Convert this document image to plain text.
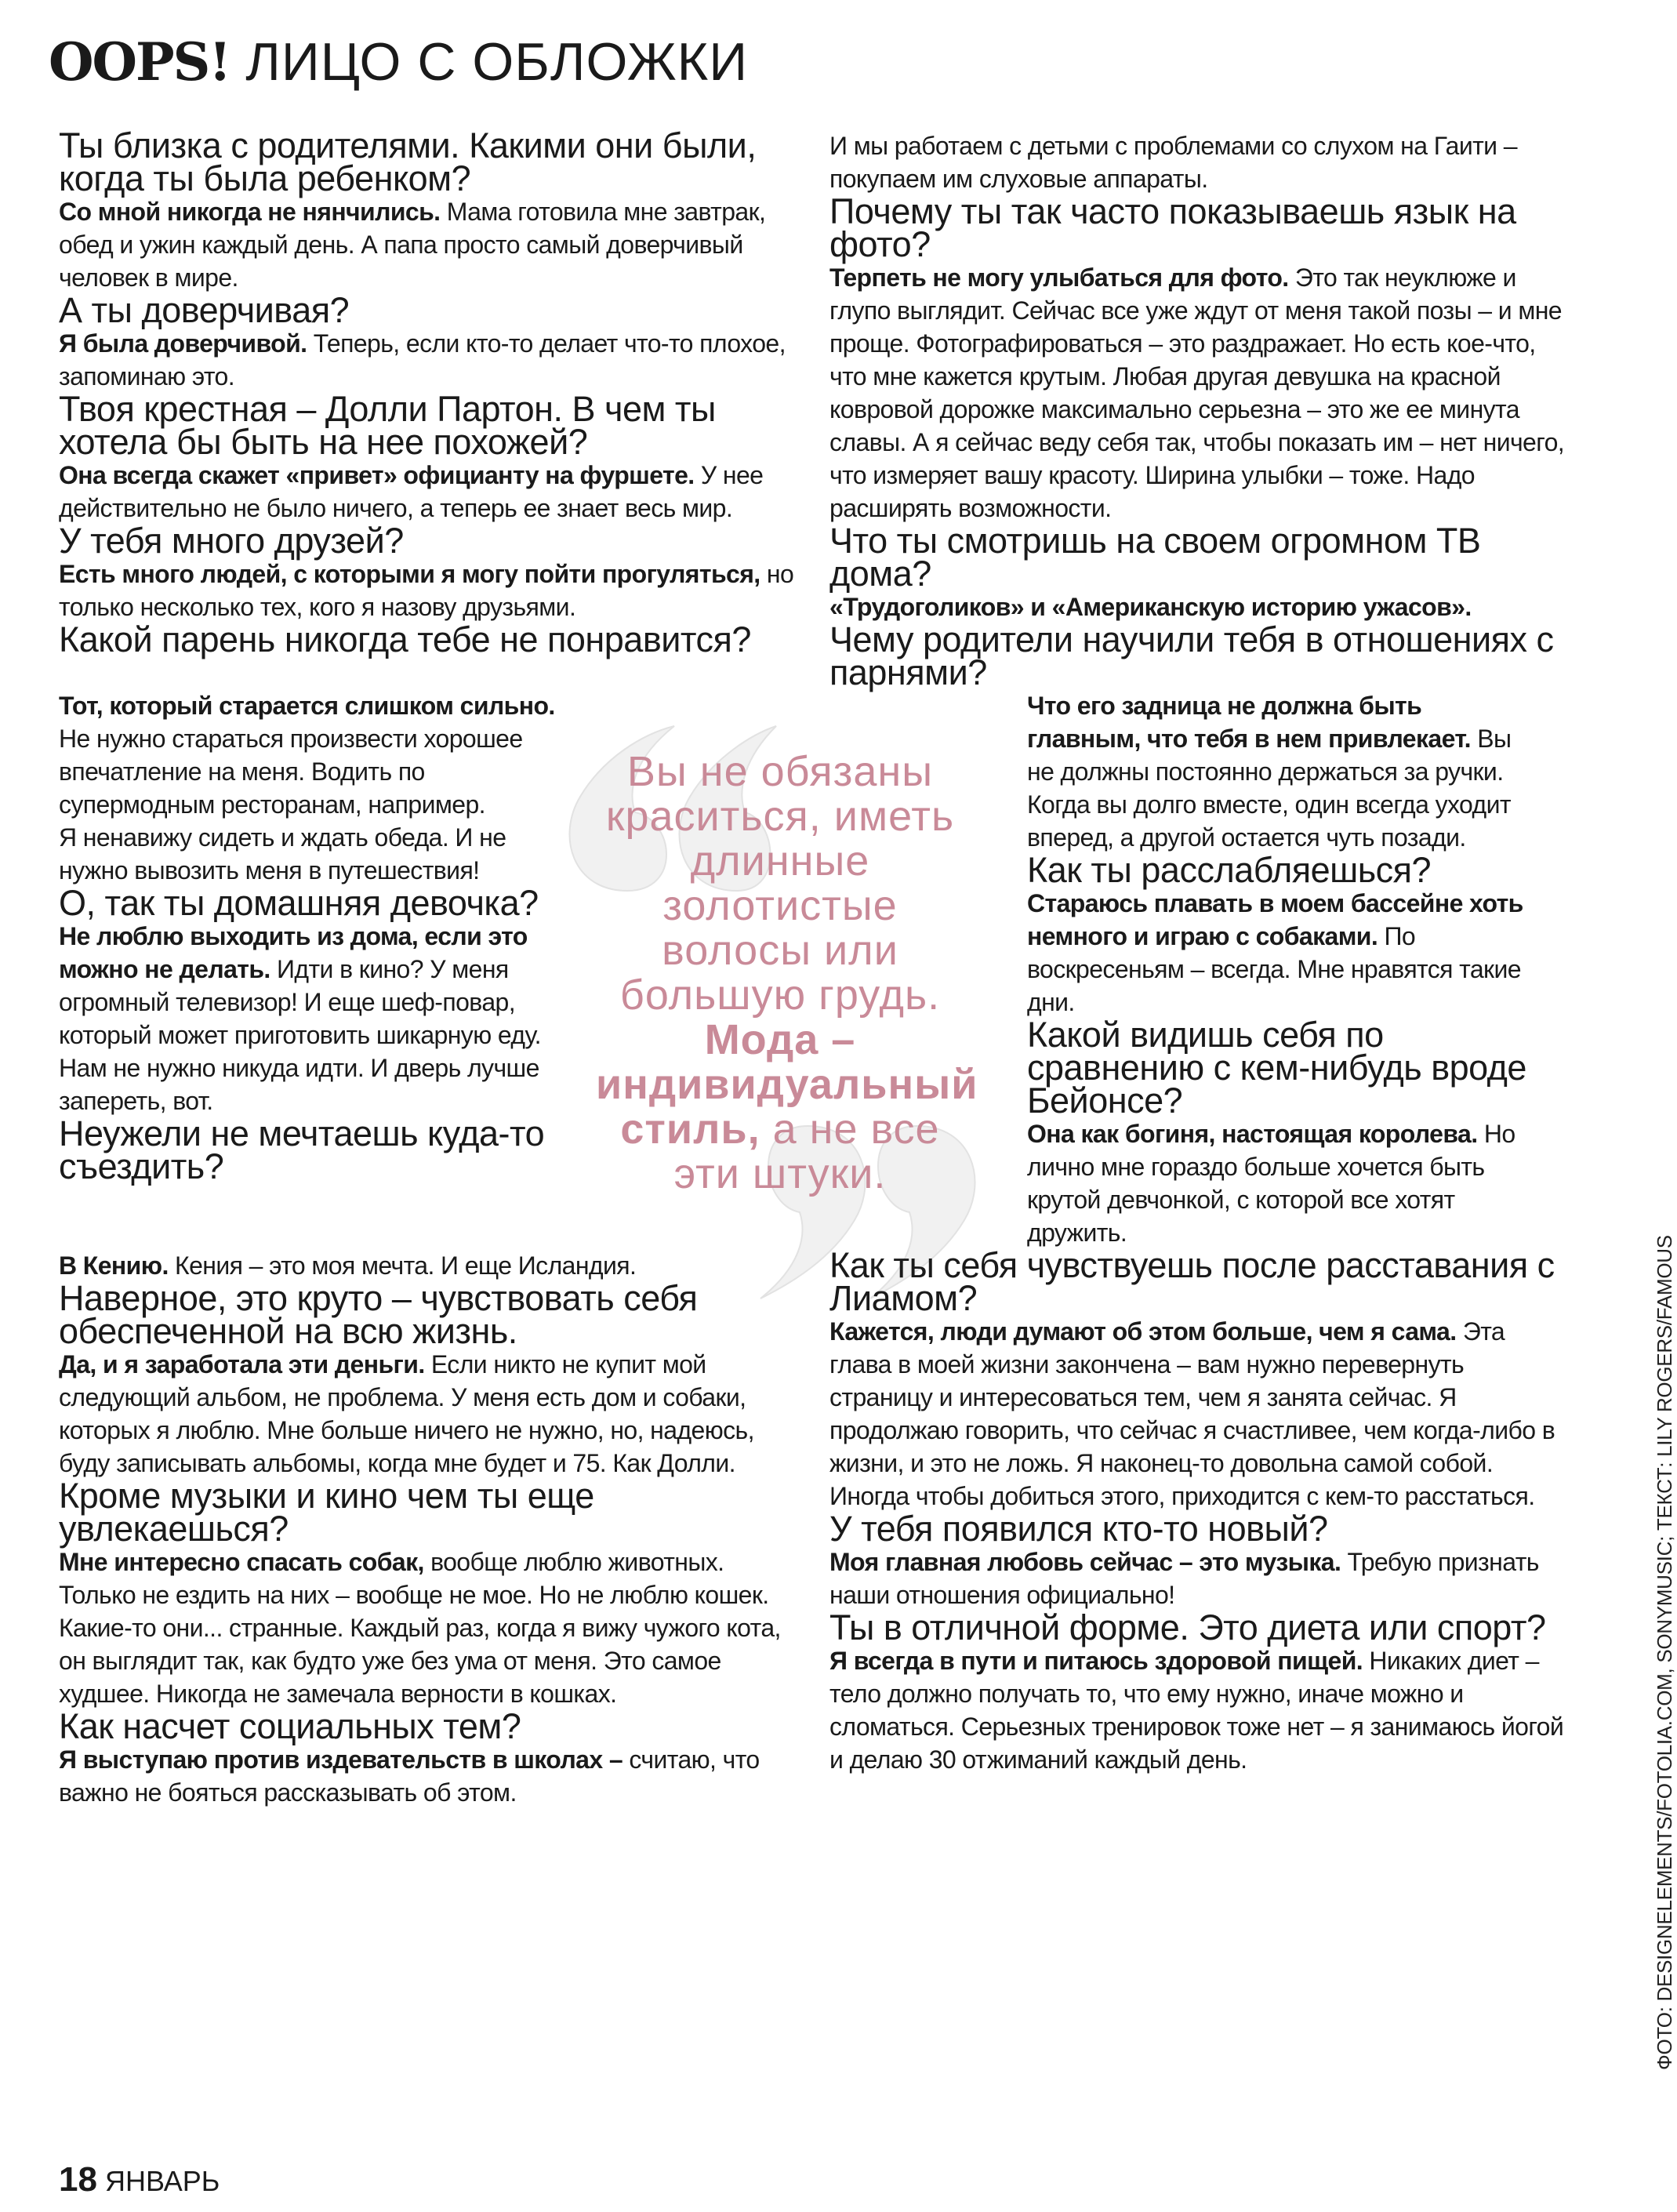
OOPS! ЛИЦО С ОБЛОЖКИ
Ты близка с родителями. Какими они были, когда ты была ребенком?

Со мной никогда не нянчились. Мама готовила мне завтрак, обед и ужин каждый день. А папа просто самый доверчивый человек в мире.

А ты доверчивая?

Я была доверчивой. Теперь, если кто-то делает что-то плохое, запоминаю это.

Твоя крестная – Долли Партон. В чем ты хотела бы быть на нее похожей?

Она всегда скажет «привет» официанту на фуршете. У нее действительно не было ничего, а теперь ее знает весь мир.

У тебя много друзей?

Есть много людей, с которыми я могу пойти прогуляться, но только несколько тех, кого я назову друзьями.

Какой парень никогда тебе не понравится?

И мы работаем с детьми с проблемами со слухом на Гаити – покупаем им слуховые аппараты.

Почему ты так часто показываешь язык на фото?

Терпеть не могу улыбаться для фото. Это так неуклюже и глупо выглядит. Сейчас все уже ждут от меня такой позы – и мне проще. Фотографироваться – это раздражает. Но есть кое-что, что мне кажется крутым. Любая другая девушка на красной ковровой дорожке максимально серьезна – это же ее минута славы. А я сейчас веду себя так, чтобы показать им – нет ничего, что измеряет вашу красоту. Ширина улыбки – тоже. Надо расширять возможности.

Что ты смотришь на своем огромном ТВ дома?

«Трудоголиков» и «Американскую историю ужасов».

Чему родители научили тебя в отношениях с парнями?

Тот, который старается слишком сильно. Не нужно стараться произвести хорошее впечатление на меня. Водить по супермодным ресторанам, например.
Я ненавижу сидеть и ждать обеда. И не нужно вывозить меня в путешествия!

О, так ты домашняя девочка?

Не люблю выходить из дома, если это можно не делать. Идти в кино? У меня огромный телевизор! И еще шеф-повар, который может приготовить шикарную еду. Нам не нужно никуда идти. И дверь лучше запереть, вот.

Неужели не мечтаешь куда-то съездить?
Вы не обязаны краситься, иметь длинные золотистые волосы или большую грудь. Мода – индивидуальный стиль, а не все эти штуки.

Что его задница не должна быть главным, что тебя в нем привлекает. Вы не должны постоянно держаться за ручки. Когда вы долго вместе, один всегда уходит вперед, а другой остается чуть позади.

Как ты расслабляешься?

Стараюсь плавать в моем бассейне хоть немного и играю с собаками. По воскресеньям – всегда. Мне нравятся такие дни.

Какой видишь себя по сравнению с кем-нибудь вроде Бейонсе?

Она как богиня, настоящая королева. Но лично мне гораздо больше хочется быть крутой девчонкой, с которой все хотят дружить.

В Кению. Кения – это моя мечта. И еще Исландия.

Наверное, это круто – чувствовать себя обеспеченной на всю жизнь.

Да, и я заработала эти деньги. Если никто не купит мой следующий альбом, не проблема. У меня есть дом и собаки, которых я люблю. Мне больше ничего не нужно, но, надеюсь, буду записывать альбомы, когда мне будет и 75. Как Долли.

Кроме музыки и кино чем ты еще увлекаешься?

Мне интересно спасать собак, вообще люблю животных. Только не ездить на них – вообще не мое. Но не люблю кошек. Какие-то они... странные. Каждый раз, когда я вижу чужого кота, он выглядит так, как будто уже без ума от меня. Это самое худшее. Никогда не замечала верности в кошках.

Как насчет социальных тем?

Я выступаю против издевательств в школах – считаю, что важно не бояться рассказывать об этом.

Как ты себя чувствуешь после расставания с Лиамом?

Кажется, люди думают об этом больше, чем я сама. Эта глава в моей жизни закончена – вам нужно перевернуть страницу и интересоваться тем, чем я занята сейчас. Я продолжаю говорить, что сейчас я счастливее, чем когда-либо в жизни, и это не ложь. Я наконец-то довольна самой собой. Иногда чтобы добиться этого, приходится с кем-то расстаться.

У тебя появился кто-то новый?

Моя главная любовь сейчас – это музыка. Требую признать наши отношения официально!

Ты в отличной форме. Это диета или спорт?

Я всегда в пути и питаюсь здоровой пищей. Никаких диет – тело должно получать то, что ему нужно, иначе можно и сломаться. Серьезных тренировок тоже нет – я занимаюсь йогой и делаю 30 отжиманий каждый день.

18 ЯНВАРЬ
ФОТО: DESIGNELEMENTS/FOTOLIA.COM, SONYMUSIC; ТЕКСТ: LILY ROGERS/FAMOUS
